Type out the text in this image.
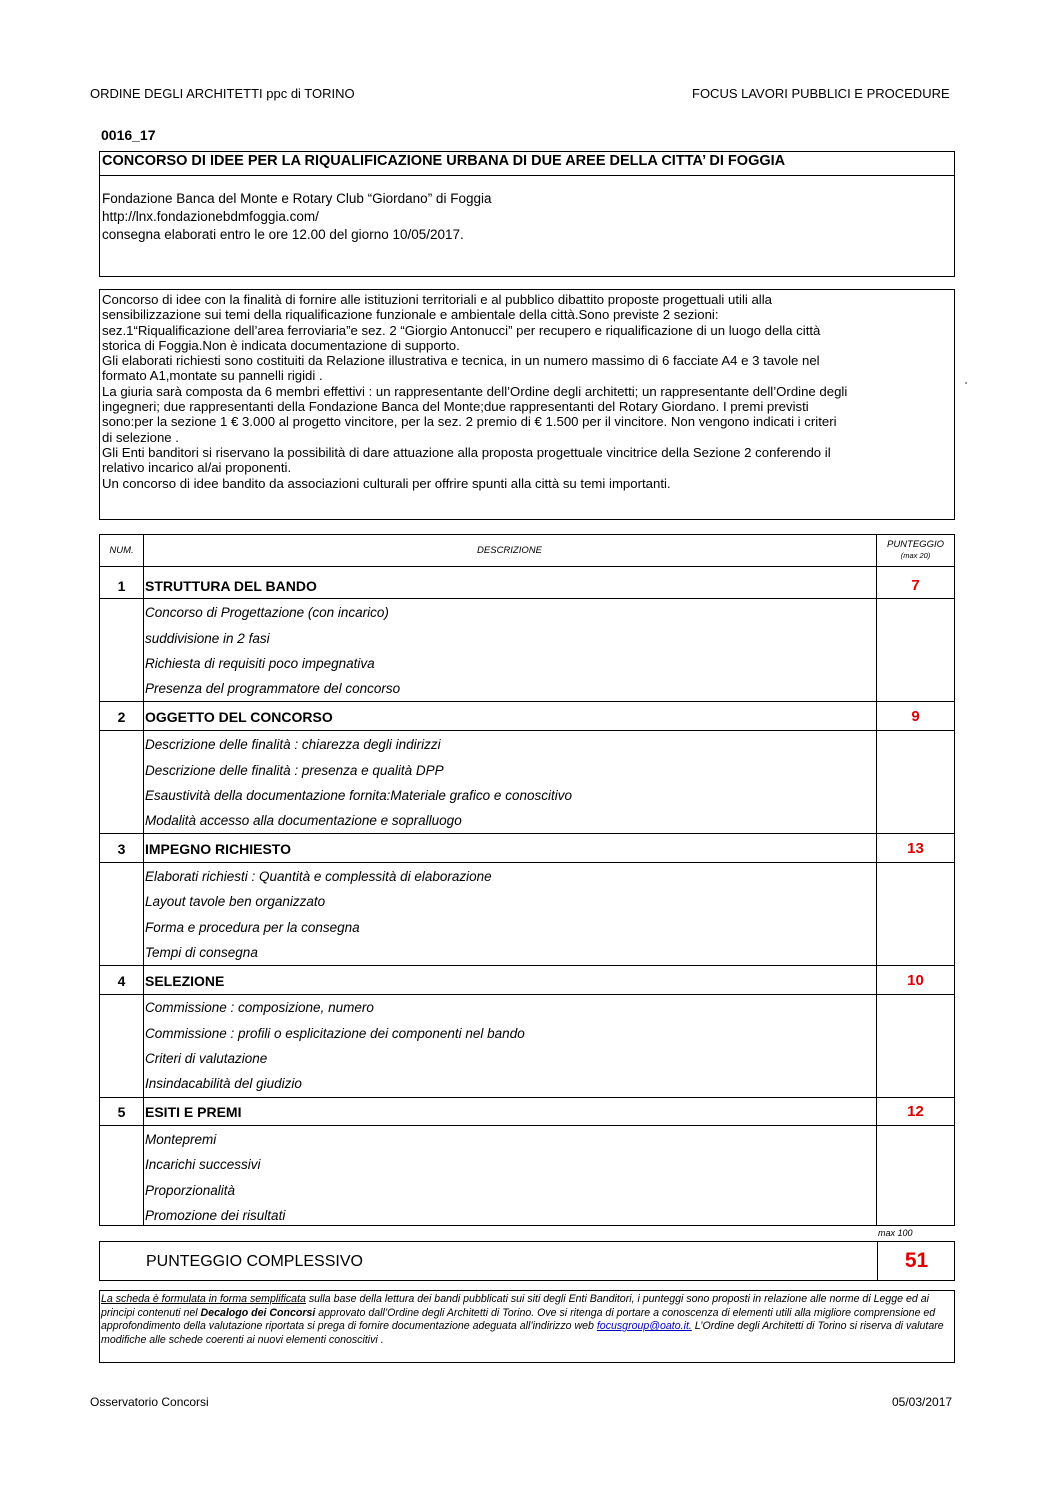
ORDINE DEGLI ARCHITETTI ppc di TORINO	FOCUS LAVORI PUBBLICI E PROCEDURE
0016_17
CONCORSO DI IDEE PER LA RIQUALIFICAZIONE URBANA DI DUE AREE DELLA CITTA’ DI FOGGIA
Fondazione Banca del Monte e Rotary Club “Giordano” di Foggia
http://lnx.fondazionebdmfoggia.com/
consegna elaborati entro le ore 12.00 del giorno 10/05/2017.
Concorso di idee con la finalità di fornire alle istituzioni territoriali e al pubblico dibattito proposte progettuali utili alla
sensibilizzazione sui temi della riqualificazione funzionale e ambientale della città.Sono previste 2 sezioni:
sez.1“Riqualificazione dell’area ferroviaria”e sez. 2 “Giorgio Antonucci” per recupero e riqualificazione di un luogo della città
storica di Foggia.Non è indicata documentazione di supporto.
Gli elaborati richiesti sono costituiti da Relazione illustrativa e tecnica, in un numero massimo di 6 facciate A4 e 3 tavole nel
formato A1,montate su pannelli rigidi .
La giuria sarà composta da 6 membri effettivi : un rappresentante dell’Ordine degli architetti; un rappresentante dell’Ordine degli
ingegneri; due rappresentanti della Fondazione Banca del Monte;due rappresentanti del Rotary Giordano. I premi previsti
sono:per la sezione 1 € 3.000 al progetto vincitore, per la sez. 2 premio di € 1.500 per il vincitore. Non vengono indicati i criteri
di selezione .
Gli Enti banditori si riservano la possibilità di dare attuazione alla proposta progettuale vincitrice della Sezione 2 conferendo il
relativo incarico al/ai proponenti.
Un concorso di idee bandito da associazioni culturali per offrire spunti alla città su temi importanti.
NUM.	DESCRIZIONE
PUNTEGGIO
(max 20)
1	STRUTTURA DEL BANDO	7
Concorso di Progettazione (con incarico)
suddivisione in 2 fasi
Richiesta di requisiti poco impegnativa
Presenza del programmatore del concorso
2	OGGETTO DEL CONCORSO	9
Descrizione delle finalità : chiarezza degli indirizzi
Descrizione delle finalità : presenza e qualità DPP
Esaustività della documentazione fornita:Materiale grafico e conoscitivo
Modalità accesso alla documentazione e sopralluogo
3	IMPEGNO RICHIESTO	13
Elaborati richiesti : Quantità e complessità di elaborazione
Layout tavole ben organizzato
Forma e procedura per la consegna
Tempi di consegna
4	SELEZIONE	10
Commissione : composizione, numero
Commissione : profili o esplicitazione dei componenti nel bando
Criteri di valutazione
Insindacabilità del giudizio
5	ESITI E PREMI	12
Montepremi
Incarichi successivi
Proporzionalità
Promozione dei risultati
max 100
PUNTEGGIO COMPLESSIVO	51
La scheda è formulata in forma semplificata sulla base della lettura dei bandi pubblicati sui siti degli Enti Banditori, i punteggi sono proposti in relazione alle norme di Legge ed ai principi contenuti nel Decalogo dei Concorsi approvato dall’Ordine degli Architetti di Torino. Ove si ritenga di portare a conoscenza di elementi utili alla migliore comprensione ed approfondimento della valutazione riportata si prega di fornire documentazione adeguata all’indirizzo web focusgroup@oato.it. L’Ordine degli Architetti di Torino si riserva di valutare modifiche alle schede coerenti ai nuovi elementi conoscitivi .
Osservatorio Concorsi	05/03/2017
